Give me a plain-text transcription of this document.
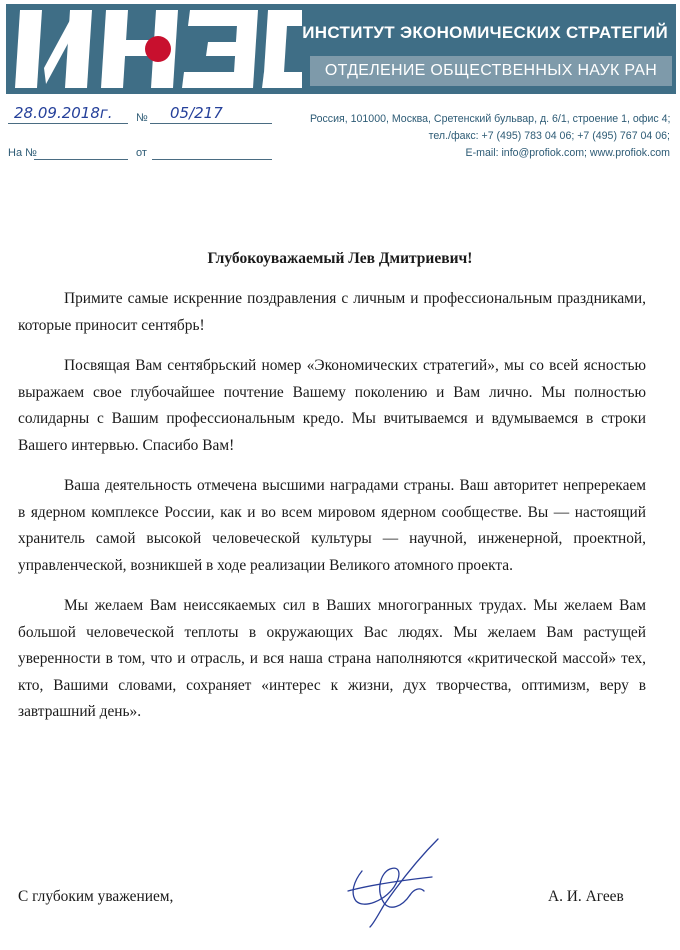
ИНСТИТУТ ЭКОНОМИЧЕСКИХ СТРАТЕГИЙ
ОТДЕЛЕНИЕ ОБЩЕСТВЕННЫХ НАУК РАН
28.09.2018г. № 05/217
На №	от
Россия, 101000, Москва, Сретенский бульвар, д. 6/1, строение 1, офис 4;
тел./факс: +7 (495) 783 04 06; +7 (495) 767 04 06;
E-mail: info@profiok.com; www.profiok.com
Глубокоуважаемый Лев Дмитриевич!

Примите самые искренние поздравления с личным и профессиональным праздниками, которые приносит сентябрь!

Посвящая Вам сентябрьский номер «Экономических стратегий», мы со всей ясностью выражаем свое глубочайшее почтение Вашему поколению и Вам лично. Мы полностью солидарны с Вашим профессиональным кредо. Мы вчитываемся и вдумываемся в строки Вашего интервью. Спасибо Вам!

Ваша деятельность отмечена высшими наградами страны. Ваш авторитет непререкаем в ядерном комплексе России, как и во всем мировом ядерном сообществе. Вы — настоящий хранитель самой высокой человеческой культуры — научной, инженерной, проектной, управленческой, возникшей в ходе реализации Великого атомного проекта.

Мы желаем Вам неиссякаемых сил в Ваших многогранных трудах. Мы желаем Вам большой человеческой теплоты в окружающих Вас людях. Мы желаем Вам растущей уверенности в том, что и отрасль, и вся наша страна наполняются «критической массой» тех, кто, Вашими словами, сохраняет «интерес к жизни, дух творчества, оптимизм, веру в завтрашний день».

С глубоким уважением,	А. И. Агеев
